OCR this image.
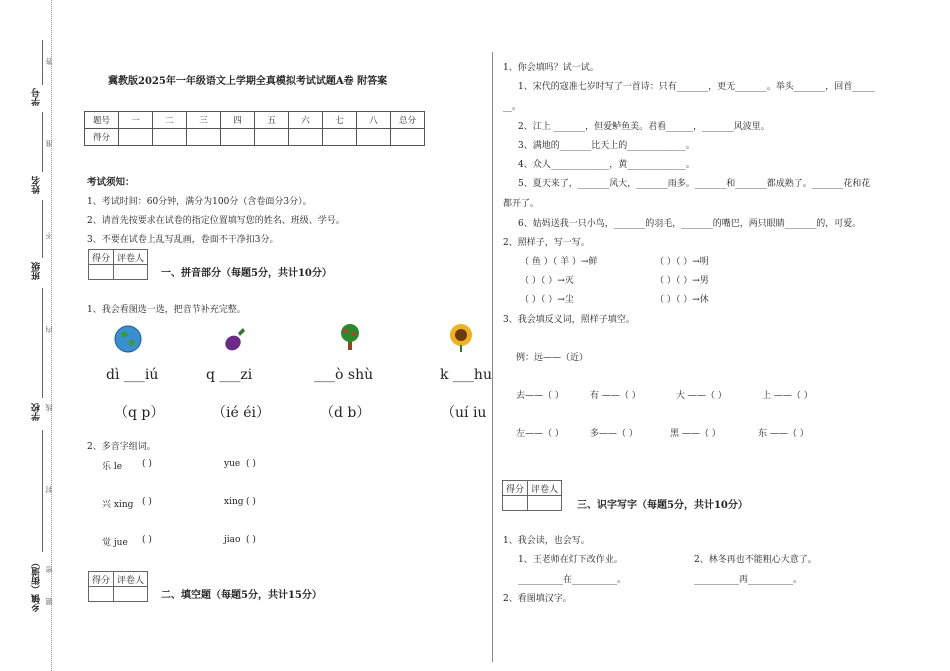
学号
姓名
班级
学校
乡镇（街道）
答
准
不
内
线
封
密
题
冀教版2025年一年级语文上学期全真模拟考试试题A卷 附答案
题号	一	二	三	四	五	六	七	八	总分
得分									
考试须知：
1、考试时间：60分钟，满分为100分（含卷面分3分）。
2、请首先按要求在试卷的指定位置填写您的姓名、班级、学号。
3、不要在试卷上乱写乱画，卷面不干净扣3分。
得分	评卷人

一、拼音部分（每题5分，共计10分）
1、我会看图选一选，把音节补充完整。
dì ___iú	q ___zi	___ò shù	k ___hu
（q p）	（ié éi）	（d b）	（uí iu
2、多音字组词。
乐 le ( )	yue ( )
兴 xing ( )	xing ( )
觉 jue ( )	jiao ( )
得分	评卷人

二、填空题（每题5分，共计15分）
1、你会填吗？试一试。
1、宋代的寇准七岁时写了一首诗：只有_______，更无_______。举头_______，回首_____
__。
2、江上 _______，但爱鲈鱼美。君看______，_______风波里。
3、满地的_______比天上的_____________。
4、众人_____________，黄_____________。
5、夏天来了，_______风大，_______雨多。_______和_______都成熟了。_______花和花
都开了。
6、姑妈送我一只小鸟，_______的羽毛，_______的嘴巴，两只眼睛_______的，可爱。
2、照样子，写一写。
（ 鱼 ）（ 羊 ）→鲜	（ ）（ ）→明
（ ）（ ）→灭	（ ）（ ）→男
（ ）（ ）→尘	（ ）（ ）→休
3、我会填反义词，照样子填空。
例：远——（近）
去——（ ）	有 ——（ ）	大 ——（ ）	上 ——（ ）
左——（ ）	多——（ ）	黑 ——（ ）	东 ——（ ）
得分	评卷人

三、识字写字（每题5分，共计10分）
1、我会读，也会写。
1、王老师在灯下改作业。	2、林冬再也不能粗心大意了。
__________在__________。	__________再__________。
2、看图填汉字。
